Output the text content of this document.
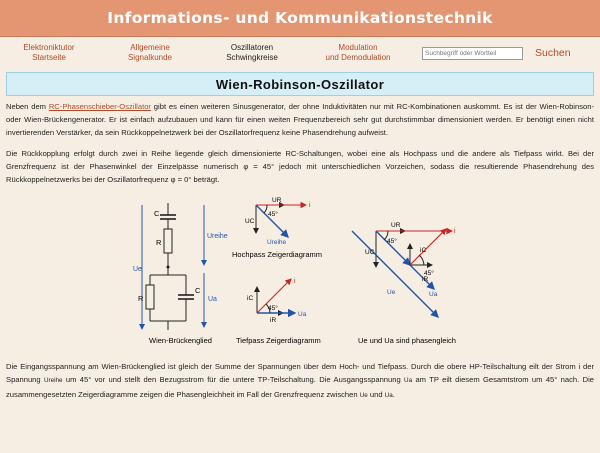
Informations- und Kommunikationstechnik
Elektroniktutor
Startseite
Allgemeine
Signalkunde
Oszillatoren
Schwingkreise
Modulation
und Demodulation
Suchbegriff oder Wortteil	Suchen
Wien-Robinson-Oszillator

Neben dem RC-Phasenschieber-Oszillator gibt es einen weiteren Sinusgenerator, der ohne Induktivitäten nur mit RC-Kombinationen auskommt. Es ist der Wien-Robinson- oder Wien-Brückengenerator. Er ist einfach aufzubauen und kann für einen weiten Frequenzbereich sehr gut durchstimmbar dimensioniert werden. Er benötigt einen nicht invertierenden Verstärker, da sein Rückkoppelnetzwerk bei der Oszillatorfrequenz keine Phasendrehung aufweist.

Die Rückkopplung erfolgt durch zwei in Reihe liegende gleich dimensionierte RC-Schaltungen, wobei eine als Hochpass und die andere als Tiefpass wirkt. Bei der Grenzfrequenz ist der Phasenwinkel der Einzelpässe numerisch φ = 45° jedoch mit unterschiedlichen Vorzeichen, sodass die resultierende Phasendrehung des Rückkoppelnetzwerks bei der Oszillatorfrequenz φ = 0° beträgt.

C
R
R
C
Ureihe
Ue
Ua
Wien-Brückenglied
UR
UC
i
45°
Ureihe
Hochpass Zeigerdiagramm
iC
iR
i
45°
Ua
Tiefpass Zeigerdiagramm
UR
UC	iC
iR
i
45°
45°
Ue	Ua
Ue und Ua sind phasengleich

Die Eingangsspannung am Wien-Brückenglied ist gleich der Summe der Spannungen über dem Hoch- und Tiefpass. Durch die obere HP-Teilschaltung eilt der Strom i der Spannung Ureihe um 45° vor und stellt den Bezugsstrom für die untere TP-Teilschaltung. Die Ausgangsspannung Ua am TP eilt diesem Gesamtstrom um 45° nach. Die zusammengesetzten Zeigerdiagramme zeigen die Phasengleichheit im Fall der Grenzfrequenz zwischen Ue und Ua.
